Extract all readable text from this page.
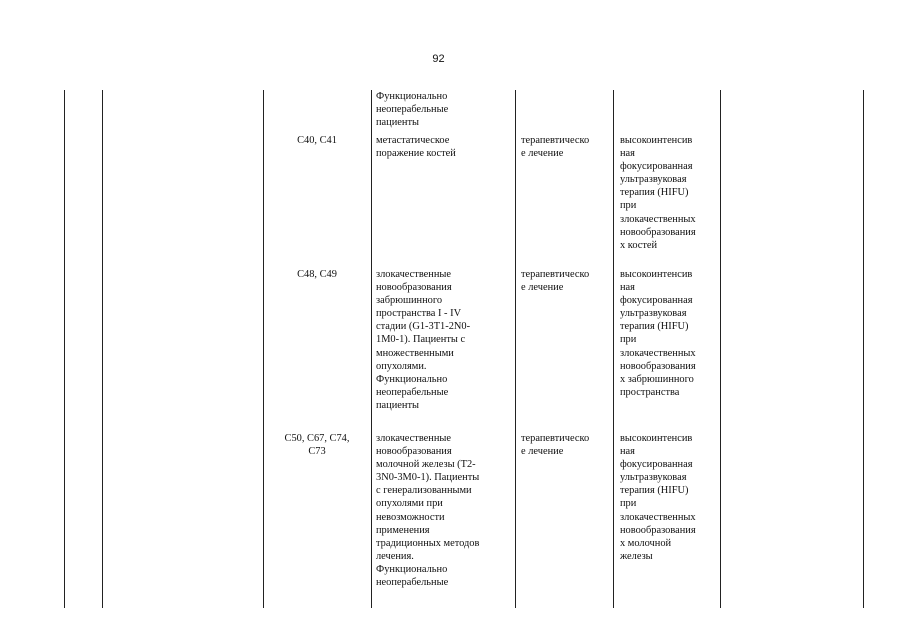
92
Функционально
неоперабельные
пациенты
C40, C41	метастатическое
поражение костей
терапевтическо
е лечение
высокоинтенсив
ная
фокусированная
ультразвуковая
терапия (HIFU)
при
злокачественных
новообразования
х костей
C48, C49	злокачественные
новообразования
забрюшинного
пространства I - IV
стадии (G1-3T1-2N0-
1M0-1). Пациенты с
множественными
опухолями.
Функционально
неоперабельные
пациенты
терапевтическо
е лечение
высокоинтенсив
ная
фокусированная
ультразвуковая
терапия (HIFU)
при
злокачественных
новообразования
х забрюшинного
пространства
C50, C67, C74,
C73
злокачественные
новообразования
молочной железы (T2-
3N0-3M0-1). Пациенты
с генерализованными
опухолями при
невозможности
применения
традиционных методов
лечения.
Функционально
неоперабельные
терапевтическо
е лечение
высокоинтенсив
ная
фокусированная
ультразвуковая
терапия (HIFU)
при
злокачественных
новообразования
х молочной
железы
